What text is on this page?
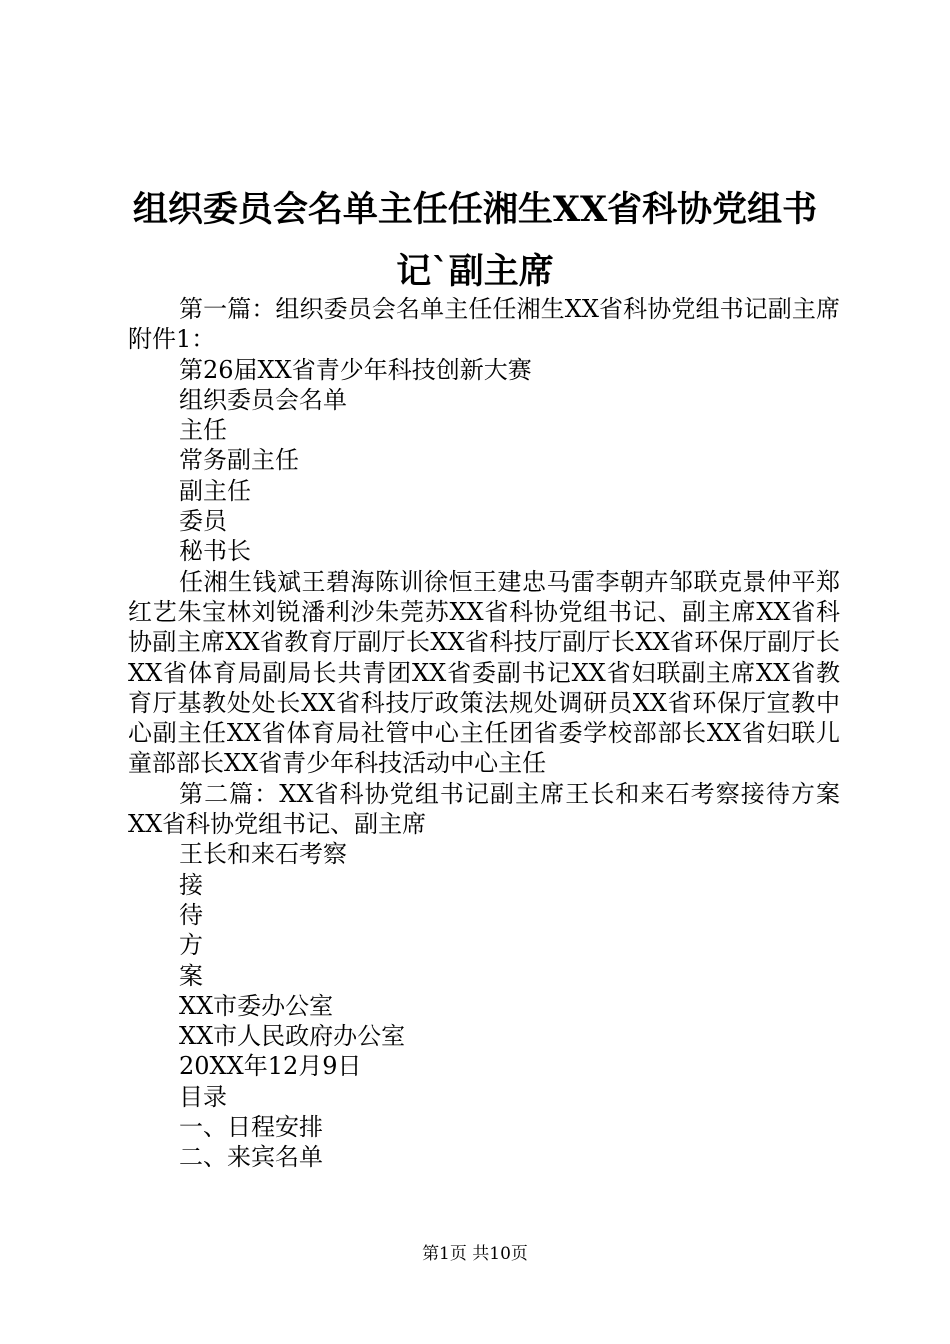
组织委员会名单主任任湘生XX省科协党组书
记`副主席

第一篇：组织委员会名单主任任湘生XX省科协党组书记副主席附件1：

第26届XX省青少年科技创新大赛

组织委员会名单

主任

常务副主任

副主任

委员

秘书长

任湘生钱斌王碧海陈训徐恒王建忠马雷李朝卉邹联克景仲平郑红艺朱宝林刘锐潘利沙朱莞苏XX省科协党组书记、副主席XX省科协副主席XX省教育厅副厅长XX省科技厅副厅长XX省环保厅副厅长XX省体育局副局长共青团XX省委副书记XX省妇联副主席XX省教育厅基教处处长XX省科技厅政策法规处调研员XX省环保厅宣教中心副主任XX省体育局社管中心主任团省委学校部部长XX省妇联儿童部部长XX省青少年科技活动中心主任

第二篇：XX省科协党组书记副主席王长和来石考察接待方案XX省科协党组书记、副主席

王长和来石考察

接

待

方

案

XX市委办公室

XX市人民政府办公室

20XX年12月9日

目录

一、日程安排

二、来宾名单

第1页 共10页
